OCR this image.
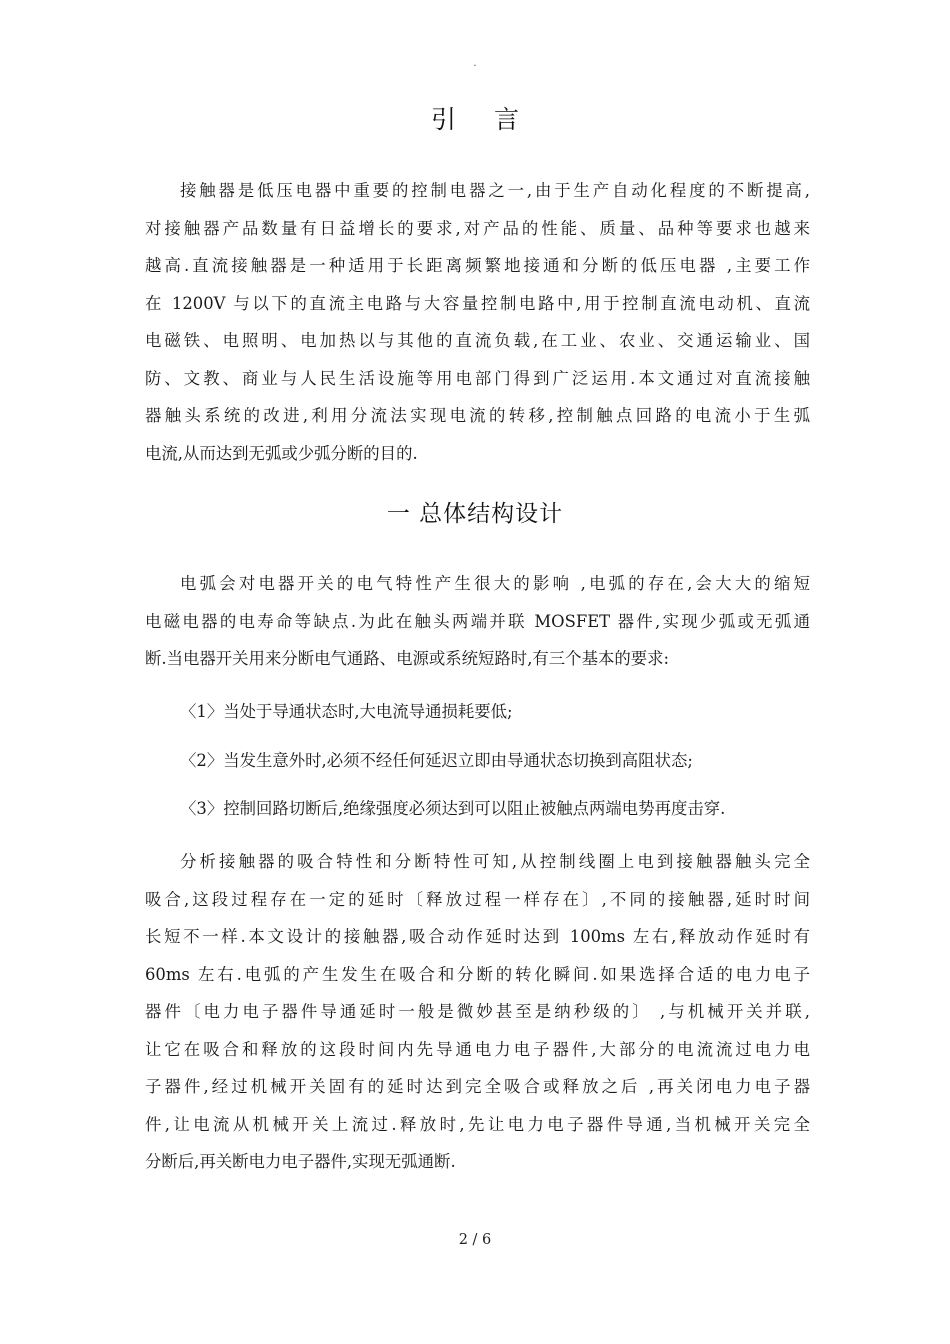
.
引言
接触器是低压电器中重要的控制电器之一,由于生产自动化程度的不断提高,
对接触器产品数量有日益增长的要求,对产品的性能、质量、品种等要求也越来
越高.直流接触器是一种适用于长距离频繁地接通和分断的低压电器 ,主要工作
在 1200V 与以下的直流主电路与大容量控制电路中,用于控制直流电动机、直流
电磁铁、电照明、电加热以与其他的直流负载,在工业、农业、交通运输业、国
防、文教、商业与人民生活设施等用电部门得到广泛运用.本文通过对直流接触
器触头系统的改进,利用分流法实现电流的转移,控制触点回路的电流小于生弧
电流,从而达到无弧或少弧分断的目的.
一 总体结构设计
电弧会对电器开关的电气特性产生很大的影响 ,电弧的存在,会大大的缩短
电磁电器的电寿命等缺点.为此在触头两端并联 MOSFET 器件,实现少弧或无弧通
断.当电器开关用来分断电气通路、电源或系统短路时,有三个基本的要求:
〈1〉当处于导通状态时,大电流导通损耗要低;
〈2〉当发生意外时,必须不经任何延迟立即由导通状态切换到高阻状态;
〈3〉控制回路切断后,绝缘强度必须达到可以阻止被触点两端电势再度击穿.
分析接触器的吸合特性和分断特性可知,从控制线圈上电到接触器触头完全
吸合,这段过程存在一定的延时〔释放过程一样存在〕,不同的接触器,延时时间
长短不一样.本文设计的接触器,吸合动作延时达到 100ms 左右,释放动作延时有
60ms 左右.电弧的产生发生在吸合和分断的转化瞬间.如果选择合适的电力电子
器件〔电力电子器件导通延时一般是微妙甚至是纳秒级的〕 ,与机械开关并联,
让它在吸合和释放的这段时间内先导通电力电子器件,大部分的电流流过电力电
子器件,经过机械开关固有的延时达到完全吸合或释放之后 ,再关闭电力电子器
件,让电流从机械开关上流过.释放时,先让电力电子器件导通,当机械开关完全
分断后,再关断电力电子器件,实现无弧通断.
2 / 6
